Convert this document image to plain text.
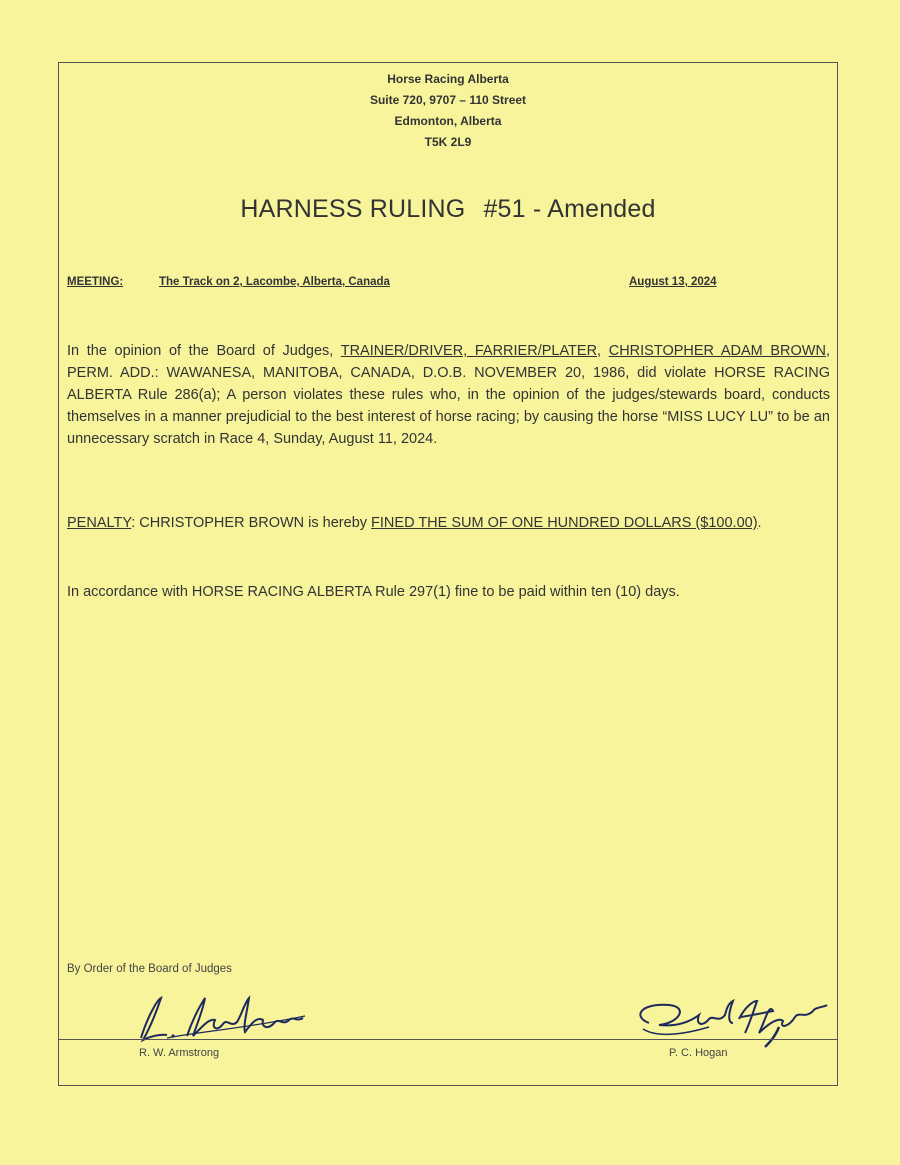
Horse Racing Alberta
Suite 720, 9707 – 110 Street
Edmonton, Alberta
T5K 2L9
HARNESS RULING #51 - Amended
MEETING:	The Track on 2, Lacombe, Alberta, Canada	August 13, 2024
In the opinion of the Board of Judges, TRAINER/DRIVER, FARRIER/PLATER, CHRISTOPHER ADAM BROWN, PERM. ADD.: WAWANESA, MANITOBA, CANADA, D.O.B. NOVEMBER 20, 1986, did violate HORSE RACING ALBERTA Rule 286(a); A person violates these rules who, in the opinion of the judges/stewards board, conducts themselves in a manner prejudicial to the best interest of horse racing; by causing the horse “MISS LUCY LU” to be an unnecessary scratch in Race 4, Sunday, August 11, 2024.
PENALTY: CHRISTOPHER BROWN is hereby FINED THE SUM OF ONE HUNDRED DOLLARS ($100.00).
In accordance with HORSE RACING ALBERTA Rule 297(1) fine to be paid within ten (10) days.
By Order of the Board of Judges
R. W. Armstrong	P. C. Hogan
